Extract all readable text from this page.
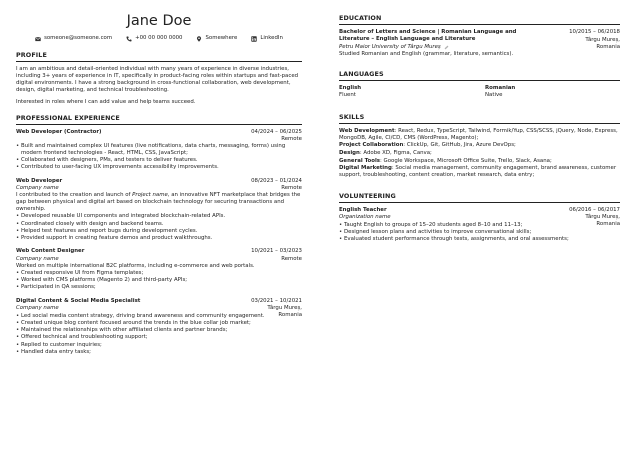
Jane Doe
someone@someone.com	+00 00 000 0000	Somewhere	LinkedIn
PROFILE

I am an ambitious and detail-oriented individual with many years of experience in diverse industries, including 3+ years of experience in IT, specifically in product-facing roles within startups and fast-paced digital environments. I have a strong background in cross-functional collaboration, web development, design, digital marketing, and technical troubleshooting.

Interested in roles where I can add value and help teams succeed.

PROFESSIONAL EXPERIENCE
Web Developer (Contractor)	04/2024 – 06/2025
Remote
• Built and maintained complex UI features (live notifications, data charts, messaging, forms) using modern frontend technologies - React, HTML, CSS, JavaScript;
• Collaborated with designers, PMs, and testers to deliver features.
• Contributed to user-facing UX improvements accessibility improvements.
Web Developer	08/2023 – 01/2024
Company name	Remote

I contributed to the creation and launch of Project name, an innovative NFT marketplace that bridges the gap between physical and digital art based on blockchain technology for securing transactions and ownership.

• Developed reusable UI components and integrated blockchain-related APIs.
• Coordinated closely with design and backend teams.
• Helped test features and report bugs during development cycles.
• Provided support in creating feature demos and product walkthroughs.
Web Content Designer	10/2021 – 03/2023
Company name	Remote

Worked on multiple international B2C platforms, including e-commerce and web portals.

• Created responsive UI from Figma templates;
• Worked with CMS platforms (Magento 2) and third-party APIs;
• Participated in QA sessions;
Digital Content & Social Media Specialist	03/2021 – 10/2021
Company name	Târgu Mureș, Romania
• Led social media content strategy, driving brand awareness and community engagement.
• Created unique blog content focused around the trends in the blue collar job market;
• Maintained the relationships with other affiliated clients and partner brands;
• Offered technical and troubleshooting support;
• Replied to customer inquiries;
• Handled data entry tasks;
EDUCATION
Bachelor of Letters and Science | Romanian Language and Literature – English Language and Literature
10/2015 – 06/2018
Petru Maior University of Târgu Mureș
Târgu Mureș, Romania

Studied Romanian and English (grammar, literature, semantics).

LANGUAGES
English	Romanian
Fluent	Native
SKILLS

Web Development: React, Redux, TypeScript, Tailwind, Formik/Yup, CSS/SCSS, jQuery, Node, Express, MongoDB, Agile, CI/CD, CMS (WordPress, Magento);

Project Collaboration: ClickUp, Git, GitHub, Jira, Azure DevOps;

Design: Adobe XD, Figma, Canva;

General Tools: Google Workspace, Microsoft Office Suite, Trello, Slack, Asana;

Digital Marketing: Social media management, community engagement, brand awareness, customer support, troubleshooting, content creation, market research, data entry;

VOLUNTEERING
English Teacher	06/2016 – 06/2017
Organization name	Târgu Mureș, Romania
• Taught English to groups of 15–20 students aged 8–10 and 11–13;
• Designed lesson plans and activities to improve conversational skills;
• Evaluated student performance through tests, assignments, and oral assessments;
